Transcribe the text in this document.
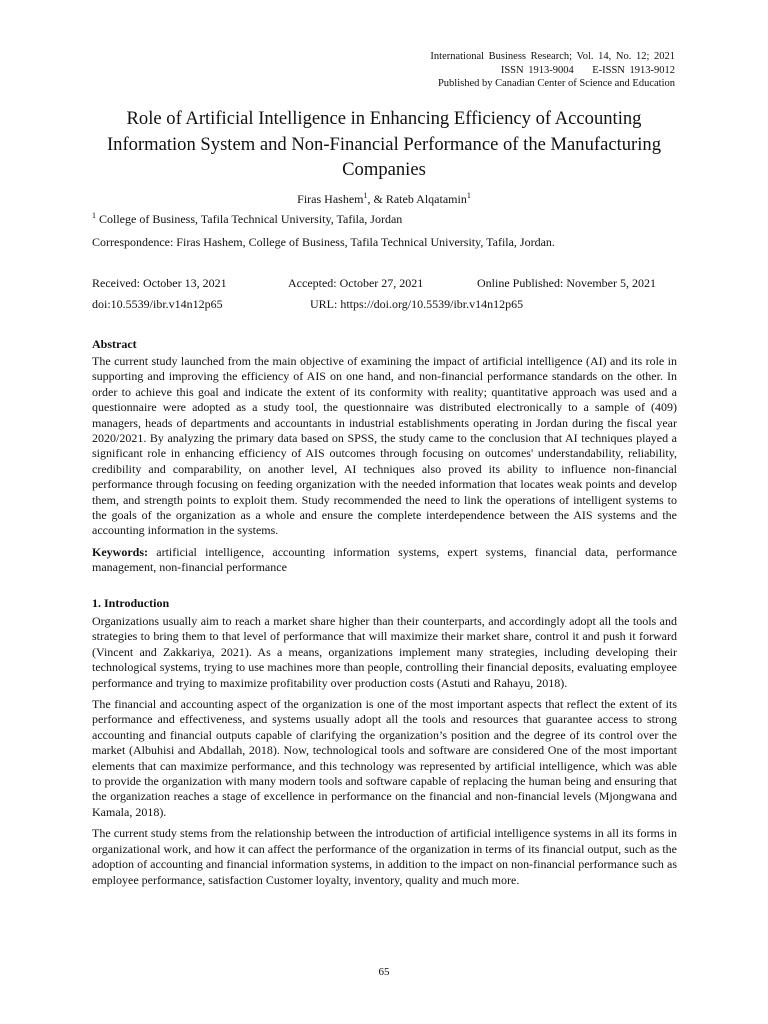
International Business Research; Vol. 14, No. 12; 2021
ISSN 1913-9004    E-ISSN 1913-9012
Published by Canadian Center of Science and Education
Role of Artificial Intelligence in Enhancing Efficiency of Accounting Information System and Non-Financial Performance of the Manufacturing Companies
Firas Hashem$^1$, & Rateb Alqatamin$^1$
$^1$ College of Business, Tafila Technical University, Tafila, Jordan
Correspondence: Firas Hashem, College of Business, Tafila Technical University, Tafila, Jordan.
Received: October 13, 2021	Accepted: October 27, 2021	Online Published: November 5, 2021
doi:10.5539/ibr.v14n12p65	URL: https://doi.org/10.5539/ibr.v14n12p65
Abstract

The current study launched from the main objective of examining the impact of artificial intelligence (AI) and its role in supporting and improving the efficiency of AIS on one hand, and non-financial performance standards on the other. In order to achieve this goal and indicate the extent of its conformity with reality; quantitative approach was used and a questionnaire were adopted as a study tool, the questionnaire was distributed electronically to a sample of (409) managers, heads of departments and accountants in industrial establishments operating in Jordan during the fiscal year 2020/2021. By analyzing the primary data based on SPSS, the study came to the conclusion that AI techniques played a significant role in enhancing efficiency of AIS outcomes through focusing on outcomes' understandability, reliability, credibility and comparability, on another level, AI techniques also proved its ability to influence non-financial performance through focusing on feeding organization with the needed information that locates weak points and develop them, and strength points to exploit them. Study recommended the need to link the operations of intelligent systems to the goals of the organization as a whole and ensure the complete interdependence between the AIS systems and the accounting information in the systems.

Keywords: artificial intelligence, accounting information systems, expert systems, financial data, performance management, non-financial performance

1. Introduction

Organizations usually aim to reach a market share higher than their counterparts, and accordingly adopt all the tools and strategies to bring them to that level of performance that will maximize their market share, control it and push it forward (Vincent and Zakkariya, 2021). As a means, organizations implement many strategies, including developing their technological systems, trying to use machines more than people, controlling their financial deposits, evaluating employee performance and trying to maximize profitability over production costs (Astuti and Rahayu, 2018).

The financial and accounting aspect of the organization is one of the most important aspects that reflect the extent of its performance and effectiveness, and systems usually adopt all the tools and resources that guarantee access to strong accounting and financial outputs capable of clarifying the organization’s position and the degree of its control over the market (Albuhisi and Abdallah, 2018). Now, technological tools and software are considered One of the most important elements that can maximize performance, and this technology was represented by artificial intelligence, which was able to provide the organization with many modern tools and software capable of replacing the human being and ensuring that the organization reaches a stage of excellence in performance on the financial and non-financial levels (Mjongwana and Kamala, 2018).

The current study stems from the relationship between the introduction of artificial intelligence systems in all its forms in organizational work, and how it can affect the performance of the organization in terms of its financial output, such as the adoption of accounting and financial information systems, in addition to the impact on non-financial performance such as employee performance, satisfaction Customer loyalty, inventory, quality and much more.

65
